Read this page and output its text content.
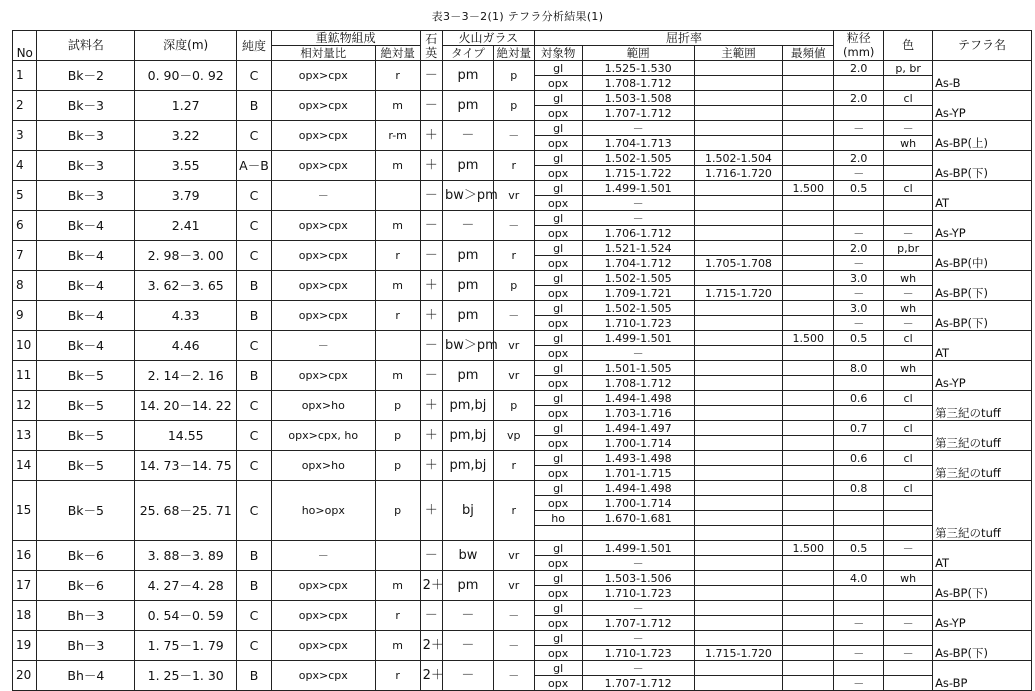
表3－3－2(1) テフラ分析結果(1)
No	試料名	深度(m)	純度	重鉱物組成		石英	火山ガラス		屈折率				粒径	色	テフラ名
				相対量比	絶対量		タイプ	絶対量	対象物	範囲	主範囲	最頻値	(mm)		
1	Bk－2	0. 90－0. 92	C	opx>cpx	r	－	pm	p	gl	1.525-1.530			2.0	p, br	As-B
									opx	1.708-1.712					
2	Bk－3	1.27	B	opx>cpx	m	－	pm	p	gl	1.503-1.508			2.0	cl	As-YP
									opx	1.707-1.712					
3	Bk－3	3.22	C	opx>cpx	r-m	＋	－	－	gl	－			－	－	As-BP(上)
									opx	1.704-1.713				wh	
4	Bk－3	3.55	A－B	opx>cpx	m	＋	pm	r	gl	1.502-1.505	1.502-1.504		2.0		As-BP(下)
									opx	1.715-1.722	1.716-1.720		－		
5	Bk－3	3.79	C	－		－	bw＞pm	vr	gl	1.499-1.501		1.500	0.5	cl	AT
									opx	－					
6	Bk－4	2.41	C	opx>cpx	m	－	－	－	gl	－					As-YP
									opx	1.706-1.712			－	－	
7	Bk－4	2. 98－3. 00	C	opx>cpx	r	－	pm	r	gl	1.521-1.524			2.0	p,br	As-BP(中)
									opx	1.704-1.712	1.705-1.708		－		
8	Bk－4	3. 62－3. 65	B	opx>cpx	m	＋	pm	p	gl	1.502-1.505			3.0	wh	As-BP(下)
									opx	1.709-1.721	1.715-1.720		－	－	
9	Bk－4	4.33	B	opx>cpx	r	＋	pm	－	gl	1.502-1.505			3.0	wh	As-BP(下)
									opx	1.710-1.723			－	－	
10	Bk－4	4.46	C	－		－	bw＞pm	vr	gl	1.499-1.501		1.500	0.5	cl	AT
									opx	－					
11	Bk－5	2. 14－2. 16	B	opx>cpx	m	－	pm	vr	gl	1.501-1.505			8.0	wh	As-YP
									opx	1.708-1.712					
12	Bk－5	14. 20－14. 22	C	opx>ho	p	＋	pm,bj	p	gl	1.494-1.498			0.6	cl	第三紀のtuff
									opx	1.703-1.716					
13	Bk－5	14.55	C	opx>cpx, ho	p	＋	pm,bj	vp	gl	1.494-1.497			0.7	cl	第三紀のtuff
									opx	1.700-1.714					
14	Bk－5	14. 73－14. 75	C	opx>ho	p	＋	pm,bj	r	gl	1.493-1.498			0.6	cl	第三紀のtuff
									opx	1.701-1.715					
15	Bk－5	25. 68－25. 71	C	ho>opx	p	＋	bj	r	gl	1.494-1.498			0.8	cl	第三紀のtuff
									opx	1.700-1.714					
									ho	1.670-1.681					

16	Bk－6	3. 88－3. 89	B	－		－	bw	vr	gl	1.499-1.501		1.500	0.5	－	AT
									opx	－					
17	Bk－6	4. 27－4. 28	B	opx>cpx	m	2＋	pm	vr	gl	1.503-1.506			4.0	wh	As-BP(下)
									opx	1.710-1.723					
18	Bh－3	0. 54－0. 59	C	opx>cpx	r	－	－	－	gl	－					As-YP
									opx	1.707-1.712			－	－	
19	Bh－3	1. 75－1. 79	C	opx>cpx	m	2＋	－	－	gl	－					As-BP(下)
									opx	1.710-1.723	1.715-1.720		－	－	
20	Bh－4	1. 25－1. 30	B	opx>cpx	r	2＋	－	－	gl	－					As-BP
									opx	1.707-1.712			－		
